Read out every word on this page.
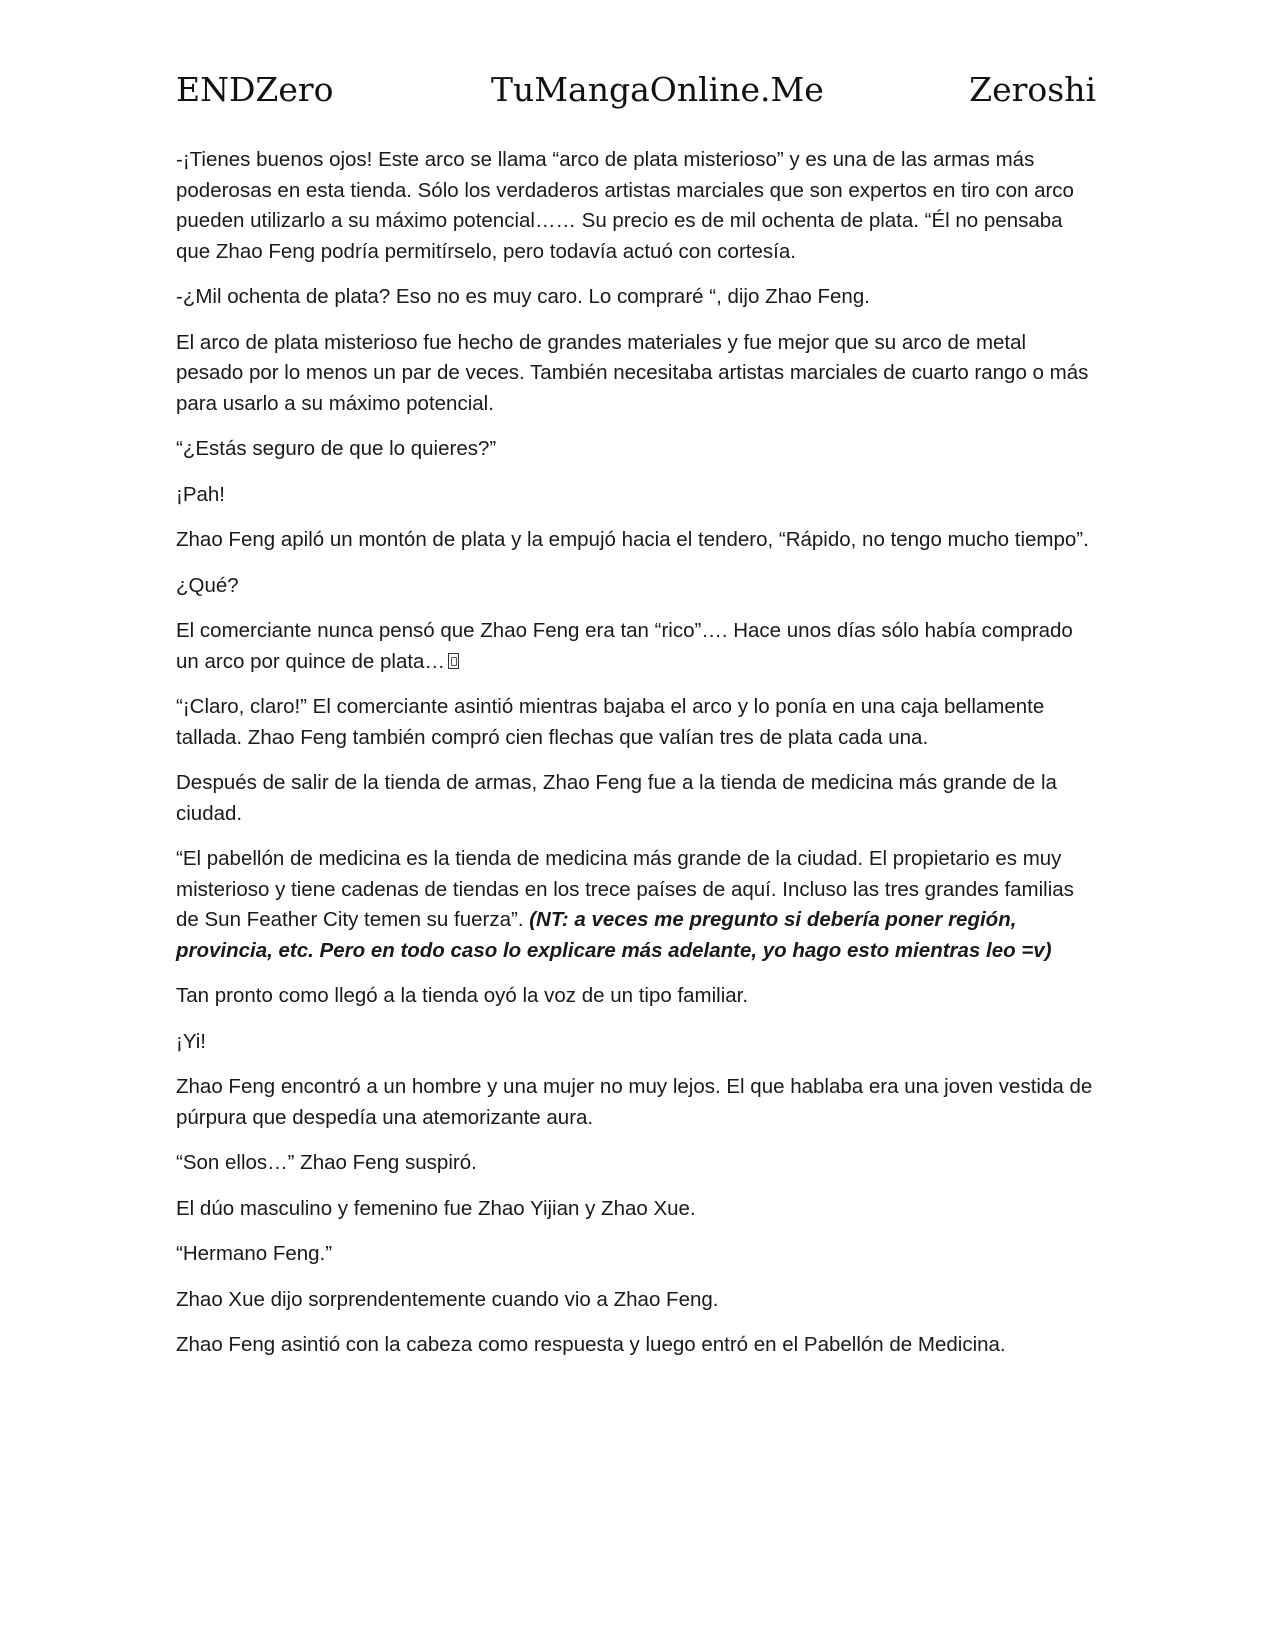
ENDZero	TuMangaOnline.Me	Zeroshi

-¡Tienes buenos ojos! Este arco se llama “arco de plata misterioso” y es una de las armas más poderosas en esta tienda. Sólo los verdaderos artistas marciales que son expertos en tiro con arco pueden utilizarlo a su máximo potencial…… Su precio es de mil ochenta de plata. “Él no pensaba que Zhao Feng podría permitírselo, pero todavía actuó con cortesía.

-¿Mil ochenta de plata? Eso no es muy caro. Lo compraré “, dijo Zhao Feng.

El arco de plata misterioso fue hecho de grandes materiales y fue mejor que su arco de metal pesado por lo menos un par de veces. También necesitaba artistas marciales de cuarto rango o más para usarlo a su máximo potencial.

“¿Estás seguro de que lo quieres?”

¡Pah!

Zhao Feng apiló un montón de plata y la empujó hacia el tendero, “Rápido, no tengo mucho tiempo”.

¿Qué?

El comerciante nunca pensó que Zhao Feng era tan “rico”…. Hace unos días sólo había comprado un arco por quince de plata…

“¡Claro, claro!” El comerciante asintió mientras bajaba el arco y lo ponía en una caja bellamente tallada. Zhao Feng también compró cien flechas que valían tres de plata cada una.

Después de salir de la tienda de armas, Zhao Feng fue a la tienda de medicina más grande de la ciudad.

“El pabellón de medicina es la tienda de medicina más grande de la ciudad. El propietario es muy misterioso y tiene cadenas de tiendas en los trece países de aquí. Incluso las tres grandes familias de Sun Feather City temen su fuerza”. (NT: a veces me pregunto si debería poner región, provincia, etc. Pero en todo caso lo explicare más adelante, yo hago esto mientras leo =v)

Tan pronto como llegó a la tienda oyó la voz de un tipo familiar.

¡Yi!

Zhao Feng encontró a un hombre y una mujer no muy lejos. El que hablaba era una joven vestida de púrpura que despedía una atemorizante aura.

“Son ellos…” Zhao Feng suspiró.

El dúo masculino y femenino fue Zhao Yijian y Zhao Xue.

“Hermano Feng.”

Zhao Xue dijo sorprendentemente cuando vio a Zhao Feng.

Zhao Feng asintió con la cabeza como respuesta y luego entró en el Pabellón de Medicina.
